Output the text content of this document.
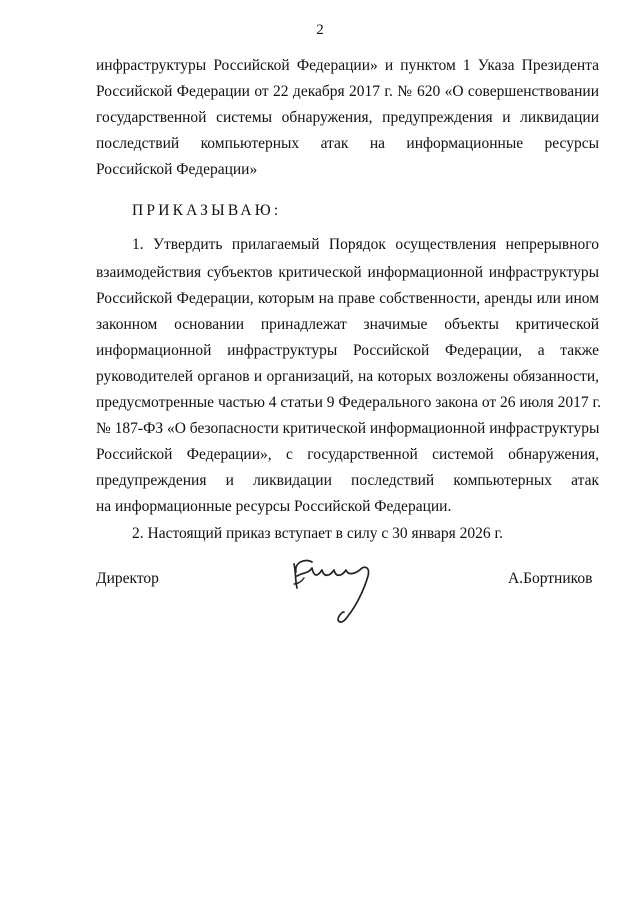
2

инфраструктуры Российской Федерации» и пунктом 1 Указа Президента

Российской Федерации от 22 декабря 2017 г. № 620 «О совершенствовании

государственной системы обнаружения, предупреждения и ликвидации

последствий компьютерных атак на информационные ресурсы

Российской Федерации»

ПРИКАЗЫВАЮ:

1. Утвердить прилагаемый Порядок осуществления непрерывного

взаимодействия субъектов критической информационной инфраструктуры

Российской Федерации, которым на праве собственности, аренды или ином

законном основании принадлежат значимые объекты критической

информационной инфраструктуры Российской Федерации, а также

руководителей органов и организаций, на которых возложены обязанности,

предусмотренные частью 4 статьи 9 Федерального закона от 26 июля 2017 г.

№ 187-ФЗ «О безопасности критической информационной инфраструктуры

Российской Федерации», с государственной системой обнаружения,

предупреждения и ликвидации последствий компьютерных атак

на информационные ресурсы Российской Федерации.

2. Настоящий приказ вступает в силу с 30 января 2026 г.

Директор	А.Бортников
